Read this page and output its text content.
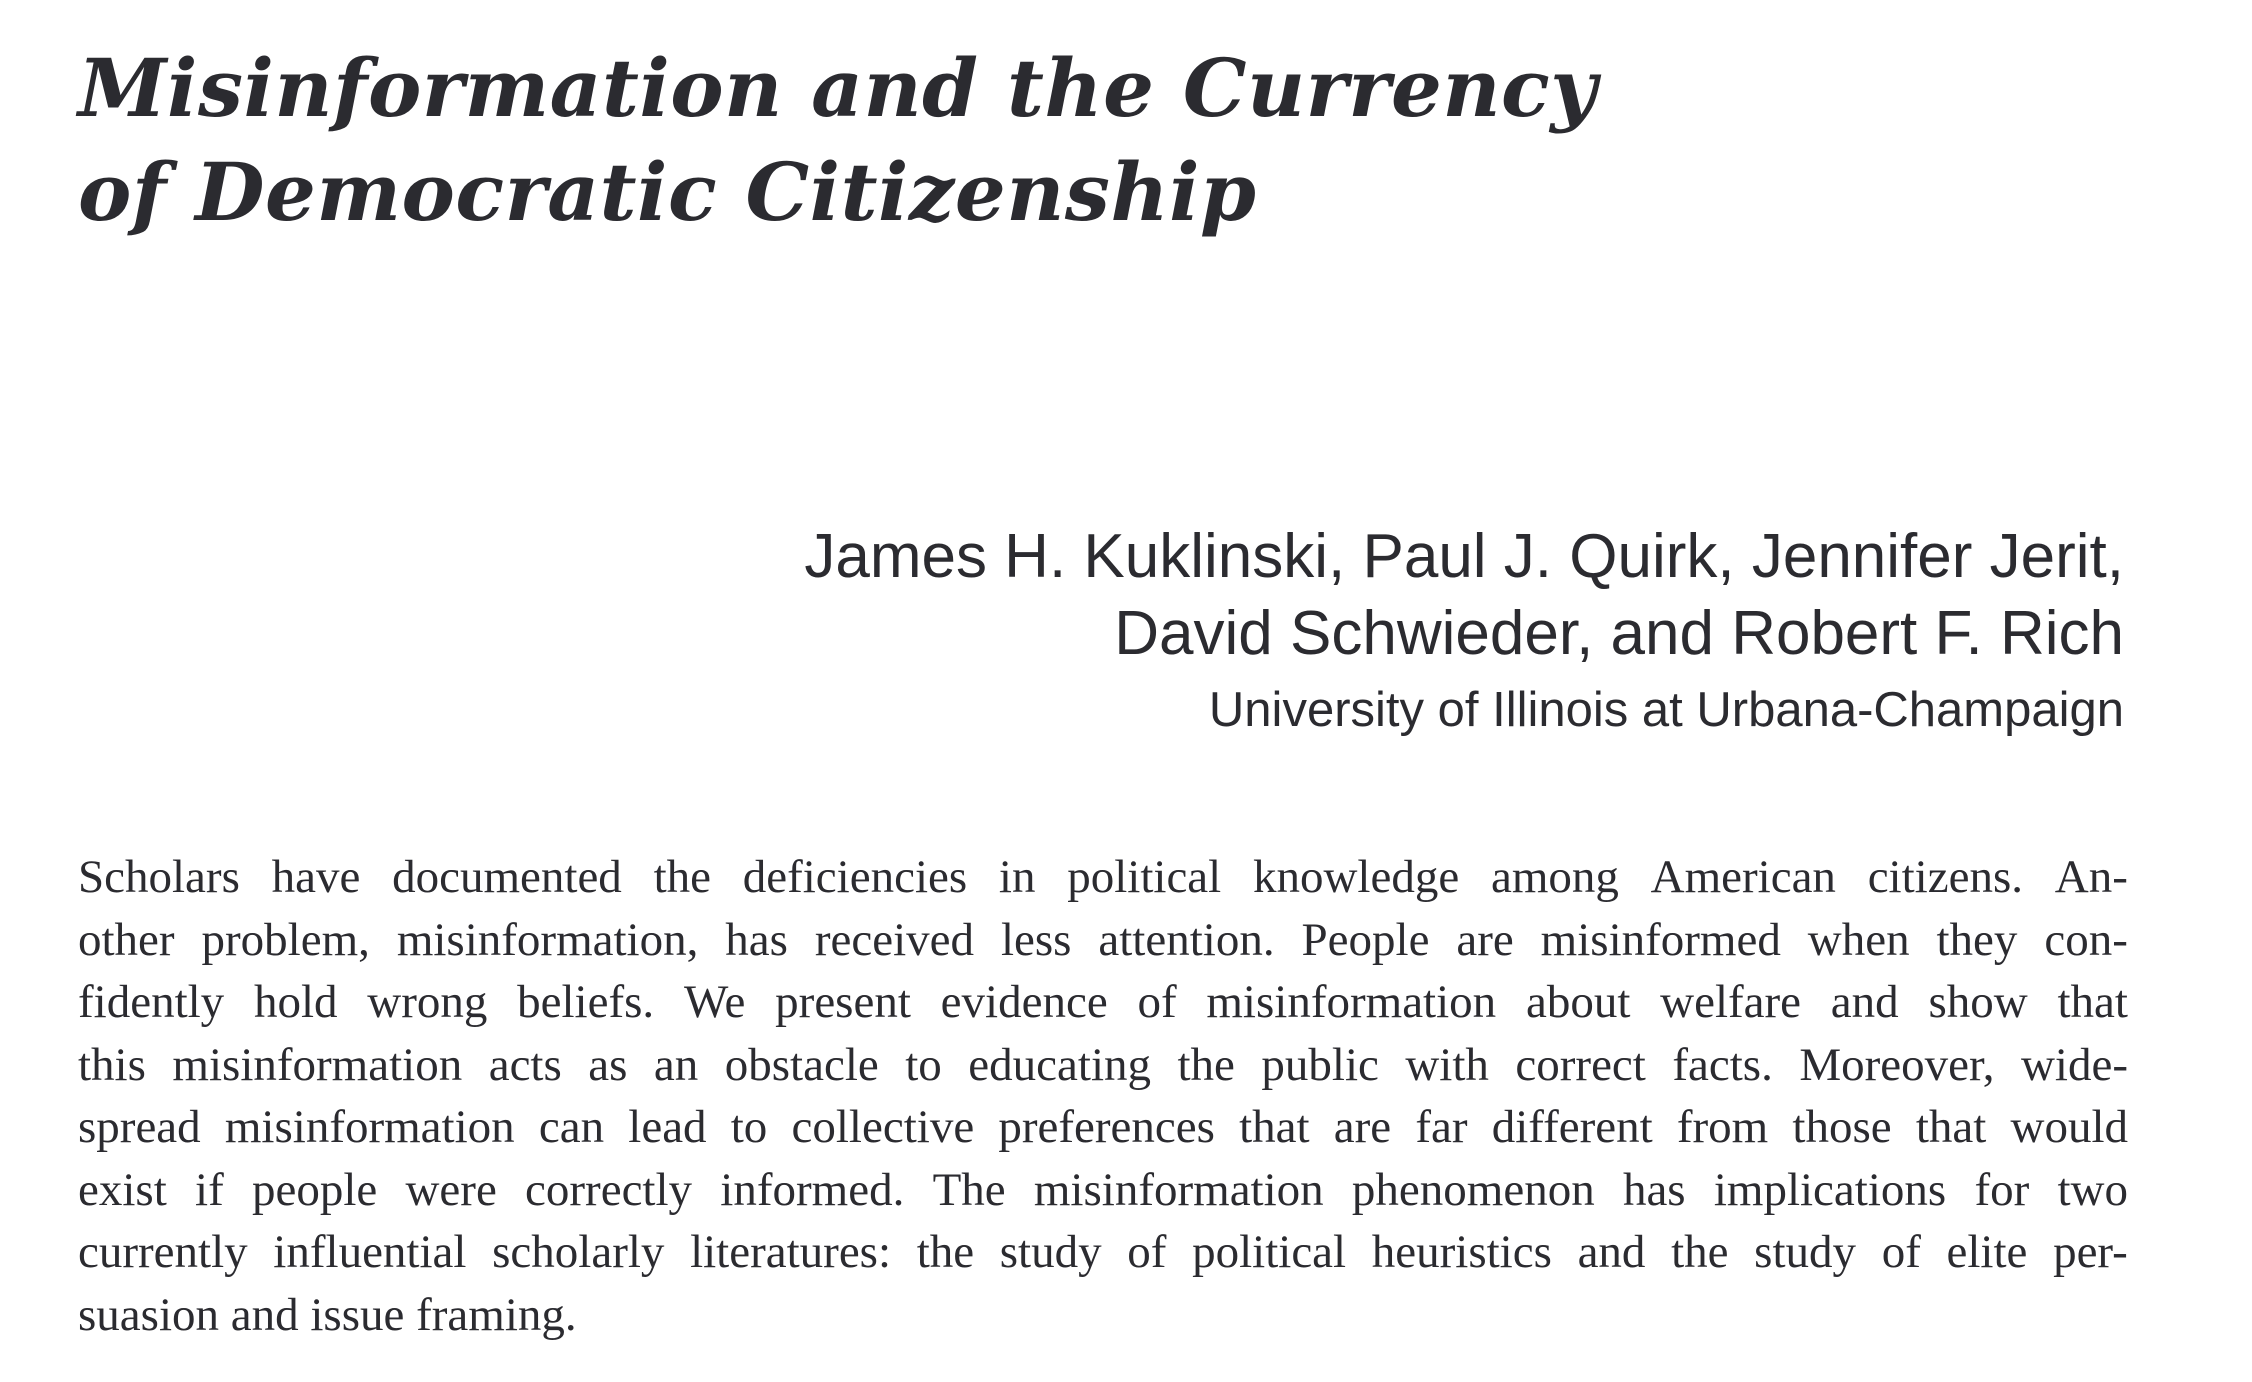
Misinformation and the Currency
of Democratic Citizenship

James H. Kuklinski, Paul J. Quirk, Jennifer Jerit,
David Schwieder, and Robert F. Rich

University of Illinois at Urbana-Champaign
Scholars have documented the deficiencies in political knowledge among American citizens. An-
other problem, misinformation, has received less attention. People are misinformed when they con-
fidently hold wrong beliefs. We present evidence of misinformation about welfare and show that
this misinformation acts as an obstacle to educating the public with correct facts. Moreover, wide-
spread misinformation can lead to collective preferences that are far different from those that would
exist if people were correctly informed. The misinformation phenomenon has implications for two
currently influential scholarly literatures: the study of political heuristics and the study of elite per-
suasion and issue framing.
